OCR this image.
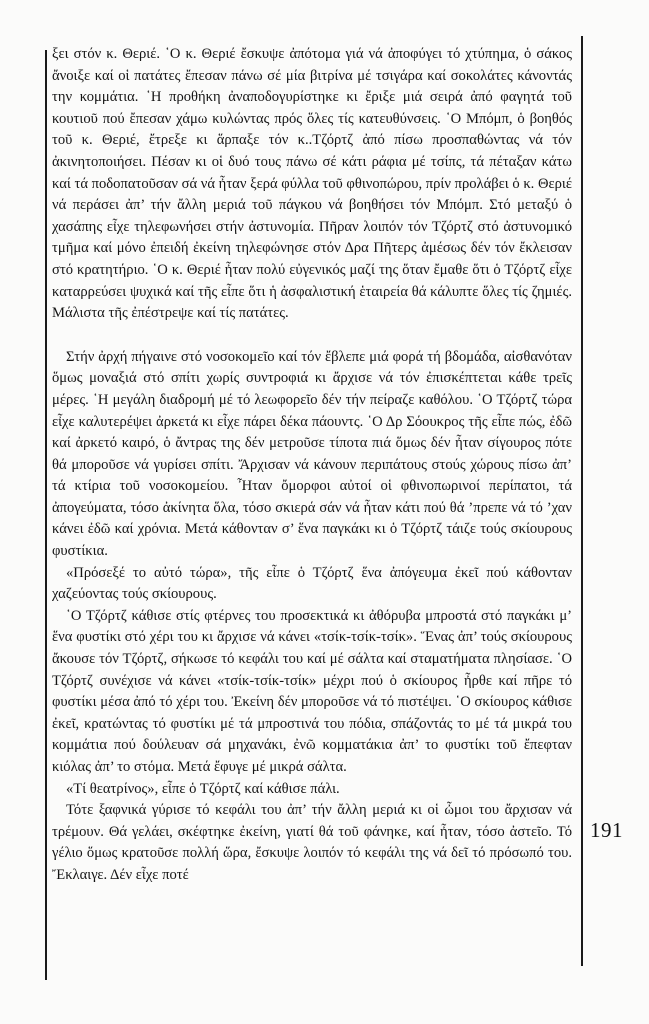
ξει στόν κ. Θεριέ. ῾Ο κ. Θεριέ ἔσκυψε ἀπότομα γιά νά ἀποφύγει τό χτύπημα, ὁ σάκος ἄνοιξε καί οἱ πατάτες ἔπεσαν πάνω σέ μία βιτρίνα μέ τσιγάρα καί σοκολάτες κάνοντάς την κομμάτια. ῾Η προθήκη ἀναποδογυρίστηκε κι ἔριξε μιά σειρά ἀπό φαγητά τοῦ κουτιοῦ πού ἔπεσαν χάμω κυλώντας πρός ὅλες τίς κατευθύνσεις. ῾Ο Μπόμπ, ὁ βοηθός τοῦ κ. Θεριέ, ἔτρεξε κι ἅρπαξε τόν κ..Τζόρτζ ἀπό πίσω προσπαθώντας νά τόν ἀκινητοποιήσει. Πέσαν κι οἱ δυό τους πάνω σέ κάτι ράφια μέ τσίπς, τά πέταξαν κάτω καί τά ποδοπατοῦσαν σά νά ἦταν ξερά φύλλα τοῦ φθινοπώρου, πρίν προλάβει ὁ κ. Θεριέ νά περάσει ἀπ’ τήν ἄλλη μεριά τοῦ πάγκου νά βοηθήσει τόν Μπόμπ. Στό μεταξύ ὁ χασάπης εἶχε τηλεφωνήσει στήν ἀστυνομία. Πῆραν λοιπόν τόν Τζόρτζ στό ἀστυνομικό τμῆμα καί μόνο ἐπειδή ἐκείνη τηλεφώνησε στόν Δρα Πῆτερς ἀμέσως δέν τόν ἔκλεισαν στό κρατητήριο. ῾Ο κ. Θεριέ ἦταν πολύ εὐγενικός μαζί της ὅταν ἔμαθε ὅτι ὁ Τζόρτζ εἶχε καταρρεύσει ψυχικά καί τῆς εἶπε ὅτι ἡ ἀσφαλιστική ἑταιρεία θά κάλυπτε ὅλες τίς ζημιές. Μάλιστα τῆς ἐπέστρεψε καί τίς πατάτες.

Στήν ἀρχή πήγαινε στό νοσοκομεῖο καί τόν ἔβλεπε μιά φορά τή βδομάδα, αἰσθανόταν ὅμως μοναξιά στό σπίτι χωρίς συντροφιά κι ἄρχισε νά τόν ἐπισκέπτεται κάθε τρεῖς μέρες. ῾Η μεγάλη διαδρομή μέ τό λεωφορεῖο δέν τήν πείραζε καθόλου. ῾Ο Τζόρτζ τώρα εἶχε καλυτερέψει ἀρκετά κι εἶχε πάρει δέκα πάουντς. ῾Ο Δρ Σόουκρος τῆς εἶπε πώς, ἐδῶ καί ἀρκετό καιρό, ὁ ἄντρας της δέν μετροῦσε τίποτα πιά ὅμως δέν ἦταν σίγουρος πότε θά μποροῦσε νά γυρίσει σπίτι. Ἄρχισαν νά κάνουν περιπάτους στούς χώρους πίσω ἀπ’ τά κτίρια τοῦ νοσοκομείου. Ἦταν ὄμορφοι αὐτοί οἱ φθινοπωρινοί περίπατοι, τά ἀπογεύματα, τόσο ἀκίνητα ὅλα, τόσο σκιερά σάν νά ἦταν κάτι πού θά ’πρεπε νά τό ’χαν κάνει ἐδῶ καί χρόνια. Μετά κάθονταν σ’ ἕνα παγκάκι κι ὁ Τζόρτζ τάιζε τούς σκίουρους φυστίκια.

«Πρόσεξέ το αὐτό τώρα», τῆς εἶπε ὁ Τζόρτζ ἕνα ἀπόγευμα ἐκεῖ πού κάθονταν χαζεύοντας τούς σκίουρους.

῾Ο Τζόρτζ κάθισε στίς φτέρνες του προσεκτικά κι ἀθόρυβα μπροστά στό παγκάκι μ’ ἕνα φυστίκι στό χέρι του κι ἄρχισε νά κάνει «τσίκ-τσίκ-τσίκ». Ἕνας ἀπ’ τούς σκίουρους ἄκουσε τόν Τζόρτζ, σήκωσε τό κεφάλι του καί μέ σάλτα καί σταματήματα πλησίασε. ῾Ο Τζόρτζ συνέχισε νά κάνει «τσίκ-τσίκ-τσίκ» μέχρι πού ὁ σκίουρος ἦρθε καί πῆρε τό φυστίκι μέσα ἀπό τό χέρι του. Ἐκείνη δέν μποροῦσε νά τό πιστέψει. ῾Ο σκίουρος κάθισε ἐκεῖ, κρατώντας τό φυστίκι μέ τά μπροστινά του πόδια, σπάζοντάς το μέ τά μικρά του κομμάτια πού δούλευαν σά μηχανάκι, ἐνῶ κομματάκια ἀπ’ το φυστίκι τοῦ ἔπεφταν κιόλας ἀπ’ το στόμα. Μετά ἔφυγε μέ μικρά σάλτα.

«Τί θεατρίνος», εἶπε ὁ Τζόρτζ καί κάθισε πάλι.

Τότε ξαφνικά γύρισε τό κεφάλι του ἀπ’ τήν ἄλλη μεριά κι οἱ ὦμοι του ἄρχισαν νά τρέμουν. Θά γελάει, σκέφτηκε ἐκείνη, γιατί θά τοῦ φάνηκε, καί ἦταν, τόσο ἀστεῖο. Τό γέλιο ὅμως κρατοῦσε πολλή ὥρα, ἔσκυψε λοιπόν τό κεφάλι της νά δεῖ τό πρόσωπό του. Ἔκλαιγε. Δέν εἶχε ποτέ

191
